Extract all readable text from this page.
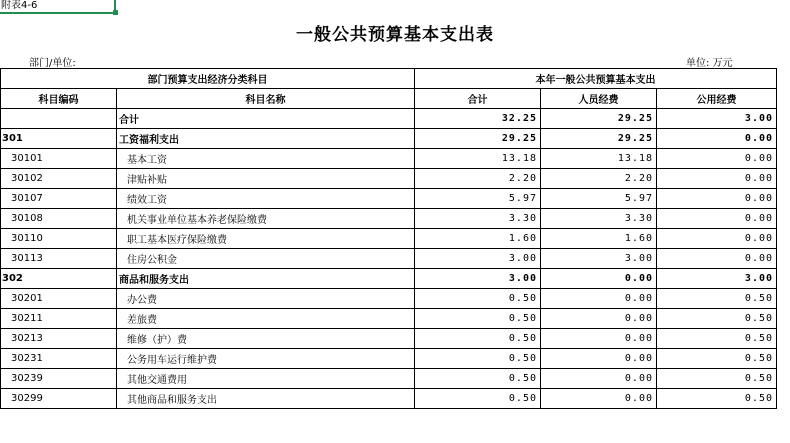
附表4-6
一般公共预算基本支出表
部门/单位:	单位: 万元
部门预算支出经济分类科目		本年一般公共预算基本支出		
科目编码	科目名称	合计	人员经费	公用经费
	合计	32.25	29.25	3.00
301	工资福利支出	29.25	29.25	0.00
30101	基本工资	13.18	13.18	0.00
30102	津贴补贴	2.20	2.20	0.00
30107	绩效工资	5.97	5.97	0.00
30108	机关事业单位基本养老保险缴费	3.30	3.30	0.00
30110	职工基本医疗保险缴费	1.60	1.60	0.00
30113	住房公积金	3.00	3.00	0.00
302	商品和服务支出	3.00	0.00	3.00
30201	办公费	0.50	0.00	0.50
30211	差旅费	0.50	0.00	0.50
30213	维修（护）费	0.50	0.00	0.50
30231	公务用车运行维护费	0.50	0.00	0.50
30239	其他交通费用	0.50	0.00	0.50
30299	其他商品和服务支出	0.50	0.00	0.50
